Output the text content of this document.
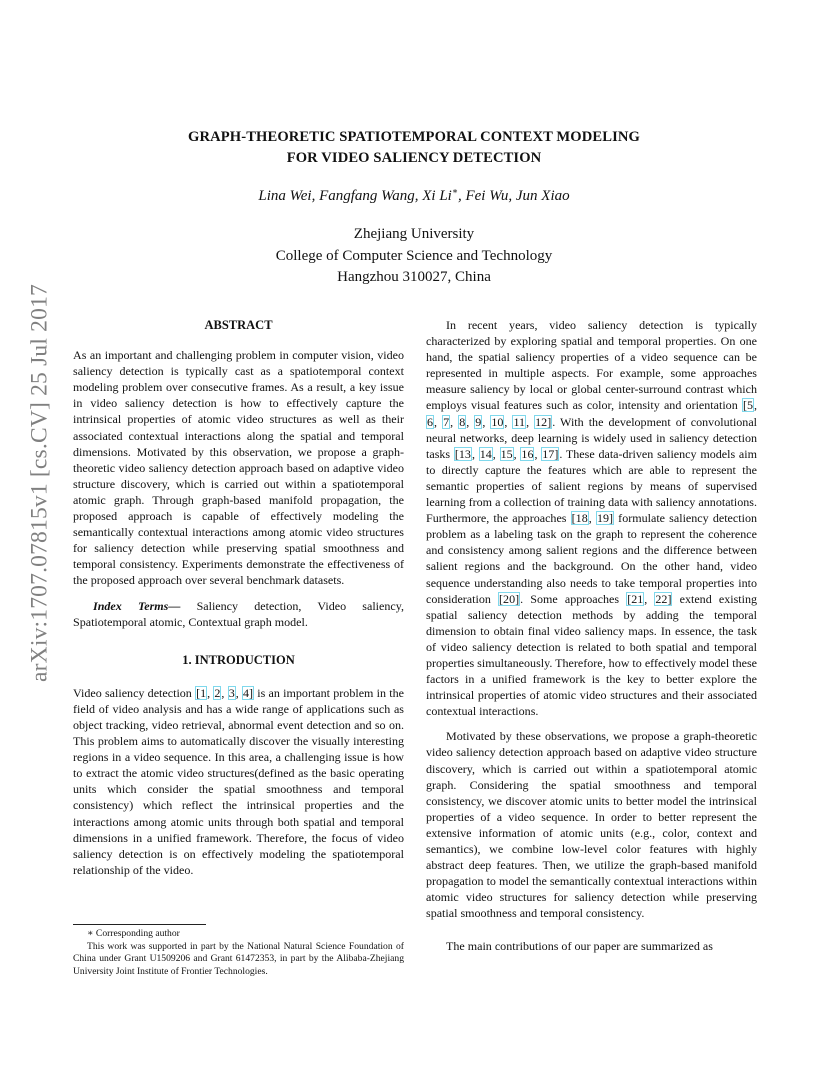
arXiv:1707.07815v1 [cs.CV] 25 Jul 2017
GRAPH-THEORETIC SPATIOTEMPORAL CONTEXT MODELING
FOR VIDEO SALIENCY DETECTION
Lina Wei, Fangfang Wang, Xi Li∗, Fei Wu, Jun Xiao
Zhejiang University
College of Computer Science and Technology
Hangzhou 310027, China
ABSTRACT

As an important and challenging problem in computer vision, video saliency detection is typically cast as a spatiotemporal context modeling problem over consecutive frames. As a result, a key issue in video saliency detection is how to effectively capture the intrinsical properties of atomic video structures as well as their associated contextual interactions along the spatial and temporal dimensions. Motivated by this observation, we propose a graph-theoretic video saliency detection approach based on adaptive video structure discovery, which is carried out within a spatiotemporal atomic graph. Through graph-based manifold propagation, the proposed approach is capable of effectively modeling the semantically contextual interactions among atomic video structures for saliency detection while preserving spatial smoothness and temporal consistency. Experiments demonstrate the effectiveness of the proposed approach over several benchmark datasets.

Index Terms— Saliency detection, Video saliency, Spatiotemporal atomic, Contextual graph model.

1. INTRODUCTION

Video saliency detection [1, 2, 3, 4] is an important problem in the field of video analysis and has a wide range of applications such as object tracking, video retrieval, abnormal event detection and so on. This problem aims to automatically discover the visually interesting regions in a video sequence. In this area, a challenging issue is how to extract the atomic video structures(defined as the basic operating units which consider the spatial smoothness and temporal consistency) which reflect the intrinsical properties and the interactions among atomic units through both spatial and temporal dimensions in a unified framework. Therefore, the focus of video saliency detection is on effectively modeling the spatiotemporal relationship of the video.

∗ Corresponding author

This work was supported in part by the National Natural Science Foundation of China under Grant U1509206 and Grant 61472353, in part by the Alibaba-Zhejiang University Joint Institute of Frontier Technologies.

In recent years, video saliency detection is typically characterized by exploring spatial and temporal properties. On one hand, the spatial saliency properties of a video sequence can be represented in multiple aspects. For example, some approaches measure saliency by local or global center-surround contrast which employs visual features such as color, intensity and orientation [5, 6, 7, 8, 9, 10, 11, 12]. With the development of convolutional neural networks, deep learning is widely used in saliency detection tasks [13, 14, 15, 16, 17]. These data-driven saliency models aim to directly capture the features which are able to represent the semantic properties of salient regions by means of supervised learning from a collection of training data with saliency annotations. Furthermore, the approaches [18, 19] formulate saliency detection problem as a labeling task on the graph to represent the coherence and consistency among salient regions and the difference between salient regions and the background. On the other hand, video sequence understanding also needs to take temporal properties into consideration [20]. Some approaches [21, 22] extend existing spatial saliency detection methods by adding the temporal dimension to obtain final video saliency maps. In essence, the task of video saliency detection is related to both spatial and temporal properties simultaneously. Therefore, how to effectively model these factors in a unified framework is the key to better explore the intrinsical properties of atomic video structures and their associated contextual interactions.

Motivated by these observations, we propose a graph-theoretic video saliency detection approach based on adaptive video structure discovery, which is carried out within a spatiotemporal atomic graph. Considering the spatial smoothness and temporal consistency, we discover atomic units to better model the intrinsical properties of a video sequence. In order to better represent the extensive information of atomic units (e.g., color, context and semantics), we combine low-level color features with highly abstract deep features. Then, we utilize the graph-based manifold propagation to model the semantically contextual interactions within atomic video structures for saliency detection while preserving spatial smoothness and temporal consistency.

The main contributions of our paper are summarized as
